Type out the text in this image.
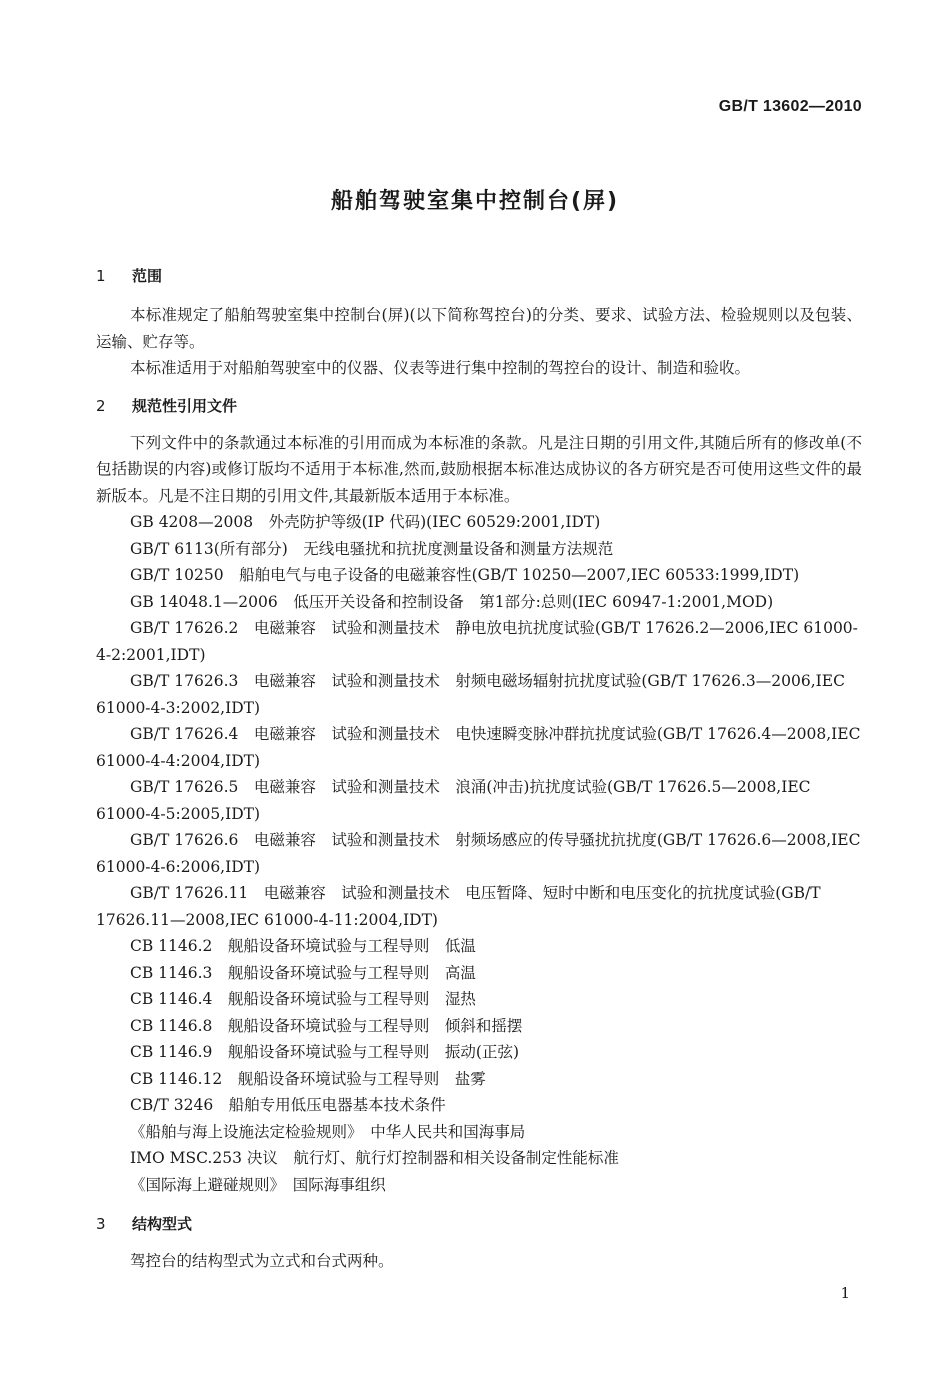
GB/T 13602—2010
船舶驾驶室集中控制台(屏)
1 范围

本标准规定了船舶驾驶室集中控制台(屏)(以下简称驾控台)的分类、要求、试验方法、检验规则以及包装、运输、贮存等。

本标准适用于对船舶驾驶室中的仪器、仪表等进行集中控制的驾控台的设计、制造和验收。

2 规范性引用文件

下列文件中的条款通过本标准的引用而成为本标准的条款。凡是注日期的引用文件,其随后所有的修改单(不包括勘误的内容)或修订版均不适用于本标准,然而,鼓励根据本标准达成协议的各方研究是否可使用这些文件的最新版本。凡是不注日期的引用文件,其最新版本适用于本标准。

GB 4208—2008　外壳防护等级(IP 代码)(IEC 60529:2001,IDT)

GB/T 6113(所有部分)　无线电骚扰和抗扰度测量设备和测量方法规范

GB/T 10250　船舶电气与电子设备的电磁兼容性(GB/T 10250—2007,IEC 60533:1999,IDT)

GB 14048.1—2006　低压开关设备和控制设备　第1部分:总则(IEC 60947-1:2001,MOD)

GB/T 17626.2　电磁兼容　试验和测量技术　静电放电抗扰度试验(GB/T 17626.2—2006,IEC 61000-4-2:2001,IDT)

GB/T 17626.3　电磁兼容　试验和测量技术　射频电磁场辐射抗扰度试验(GB/T 17626.3—2006,IEC 61000-4-3:2002,IDT)

GB/T 17626.4　电磁兼容　试验和测量技术　电快速瞬变脉冲群抗扰度试验(GB/T 17626.4—2008,IEC 61000-4-4:2004,IDT)

GB/T 17626.5　电磁兼容　试验和测量技术　浪涌(冲击)抗扰度试验(GB/T 17626.5—2008,IEC 61000-4-5:2005,IDT)

GB/T 17626.6　电磁兼容　试验和测量技术　射频场感应的传导骚扰抗扰度(GB/T 17626.6—2008,IEC 61000-4-6:2006,IDT)

GB/T 17626.11　电磁兼容　试验和测量技术　电压暂降、短时中断和电压变化的抗扰度试验(GB/T 17626.11—2008,IEC 61000-4-11:2004,IDT)

CB 1146.2　舰船设备环境试验与工程导则　低温

CB 1146.3　舰船设备环境试验与工程导则　高温

CB 1146.4　舰船设备环境试验与工程导则　湿热

CB 1146.8　舰船设备环境试验与工程导则　倾斜和摇摆

CB 1146.9　舰船设备环境试验与工程导则　振动(正弦)

CB 1146.12　舰船设备环境试验与工程导则　盐雾

CB/T 3246　船舶专用低压电器基本技术条件

《船舶与海上设施法定检验规则》　中华人民共和国海事局

IMO MSC.253 决议　航行灯、航行灯控制器和相关设备制定性能标准

《国际海上避碰规则》　国际海事组织

3 结构型式

驾控台的结构型式为立式和台式两种。

1
